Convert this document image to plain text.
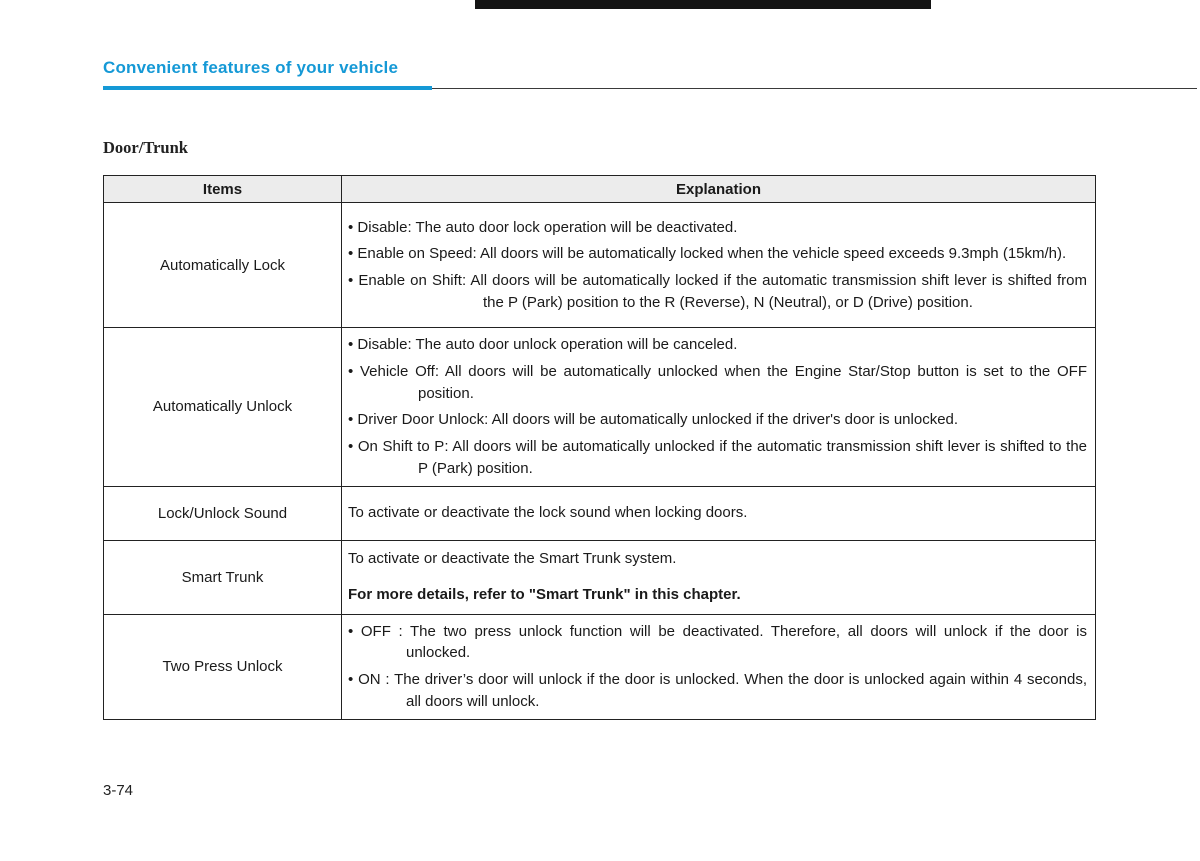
Convenient features of your vehicle
Door/Trunk
Items	Explanation
Automatically Lock	
• Disable: The auto door lock operation will be deactivated.
• Enable on Speed: All doors will be automatically locked when the vehicle speed exceeds 9.3mph (15km/h).
• Enable on Shift: All doors will be automatically locked if the automatic transmission shift lever is shifted from the P (Park) position to the R (Reverse), N (Neutral), or D (Drive) position.

Automatically Unlock	
• Disable: The auto door unlock operation will be canceled.
• Vehicle Off: All doors will be automatically unlocked when the Engine Star/Stop button is set to the OFF position.
• Driver Door Unlock: All doors will be automatically unlocked if the driver's door is unlocked.
• On Shift to P: All doors will be automatically unlocked if the automatic transmission shift lever is shifted to the P (Park) position.

Lock/Unlock Sound	To activate or deactivate the lock sound when locking doors.

Smart Trunk	To activate or deactivate the Smart Trunk system.
For more details, refer to "Smart Trunk" in this chapter.

Two Press Unlock	
• OFF : The two press unlock function will be deactivated. Therefore, all doors will unlock if the door is unlocked.
• ON : The driver’s door will unlock if the door is unlocked. When the door is unlocked again within 4 seconds, all doors will unlock.
3-74
